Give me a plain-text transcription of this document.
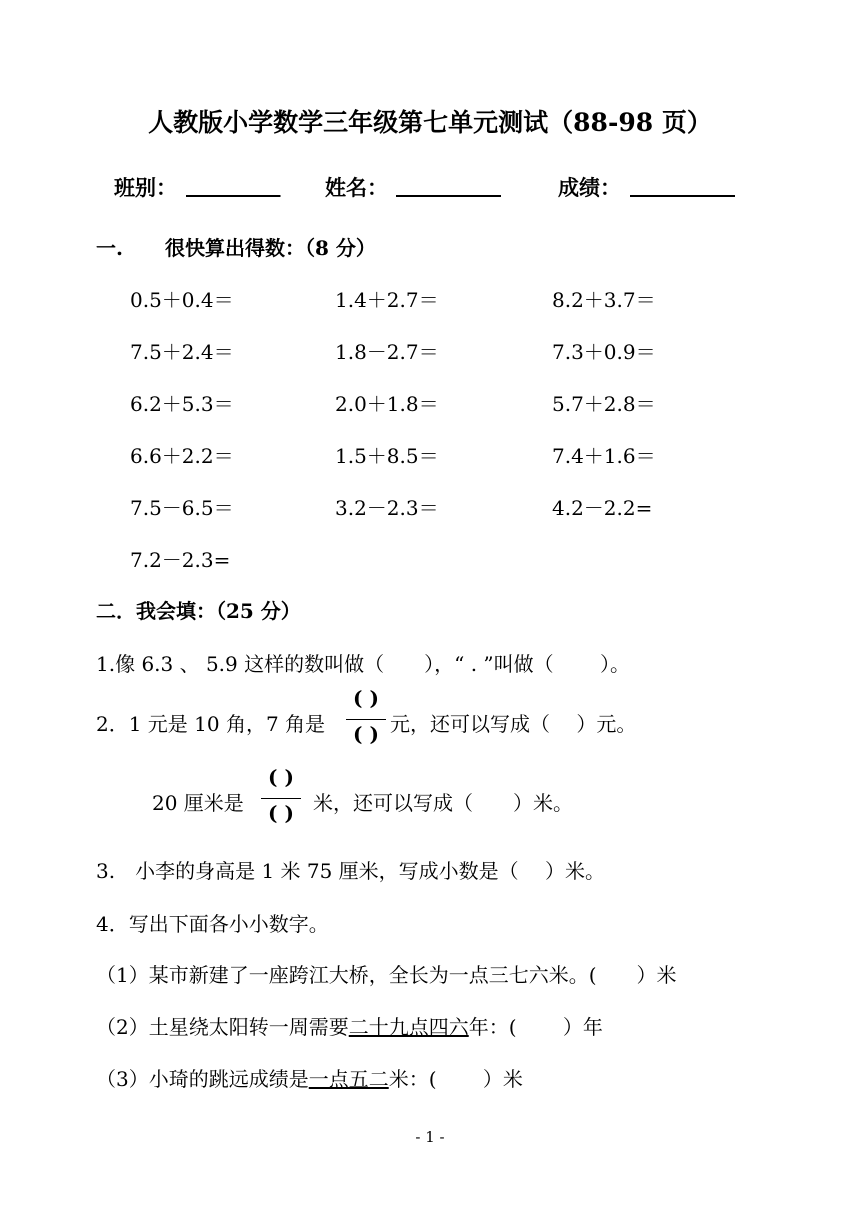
人教版小学数学三年级第七单元测试（88-98 页）
班别： _________ 姓名： __________	成绩： __________
一. 很快算出得数：（8 分）
0.5＋0.4＝	1.4＋2.7＝	8.2＋3.7＝
7.5＋2.4＝	1.8－2.7＝	7.3＋0.9＝
6.2＋5.3＝	2.0＋1.8＝	5.7＋2.8＝
6.6＋2.2＝	1.5＋8.5＝	7.4＋1.6＝
7.5－6.5＝	3.2－2.3＝	4.2－2.2=
7.2－2.3=
二．我会填：（25 分）
1.像 6.3 、 5.9 这样的数叫做（　　），“ . ”叫做（　　 ）。
2．1 元是 10 角，7 角是
( )
( ) 元，还可以写成（　 ）元。
20 厘米是
( )
( ) 米，还可以写成（　　）米。
3.　小李的身高是 1 米 75 厘米，写成小数是（　 ）米。
4．写出下面各小小数字。
（1）某市新建了一座跨江大桥，全长为一点三七六米。(　　）米
（2）土星绕太阳转一周需要二十九点四六年：(　　 ）年
（3）小琦的跳远成绩是一点五二米：(　　 ）米
- 1 -
